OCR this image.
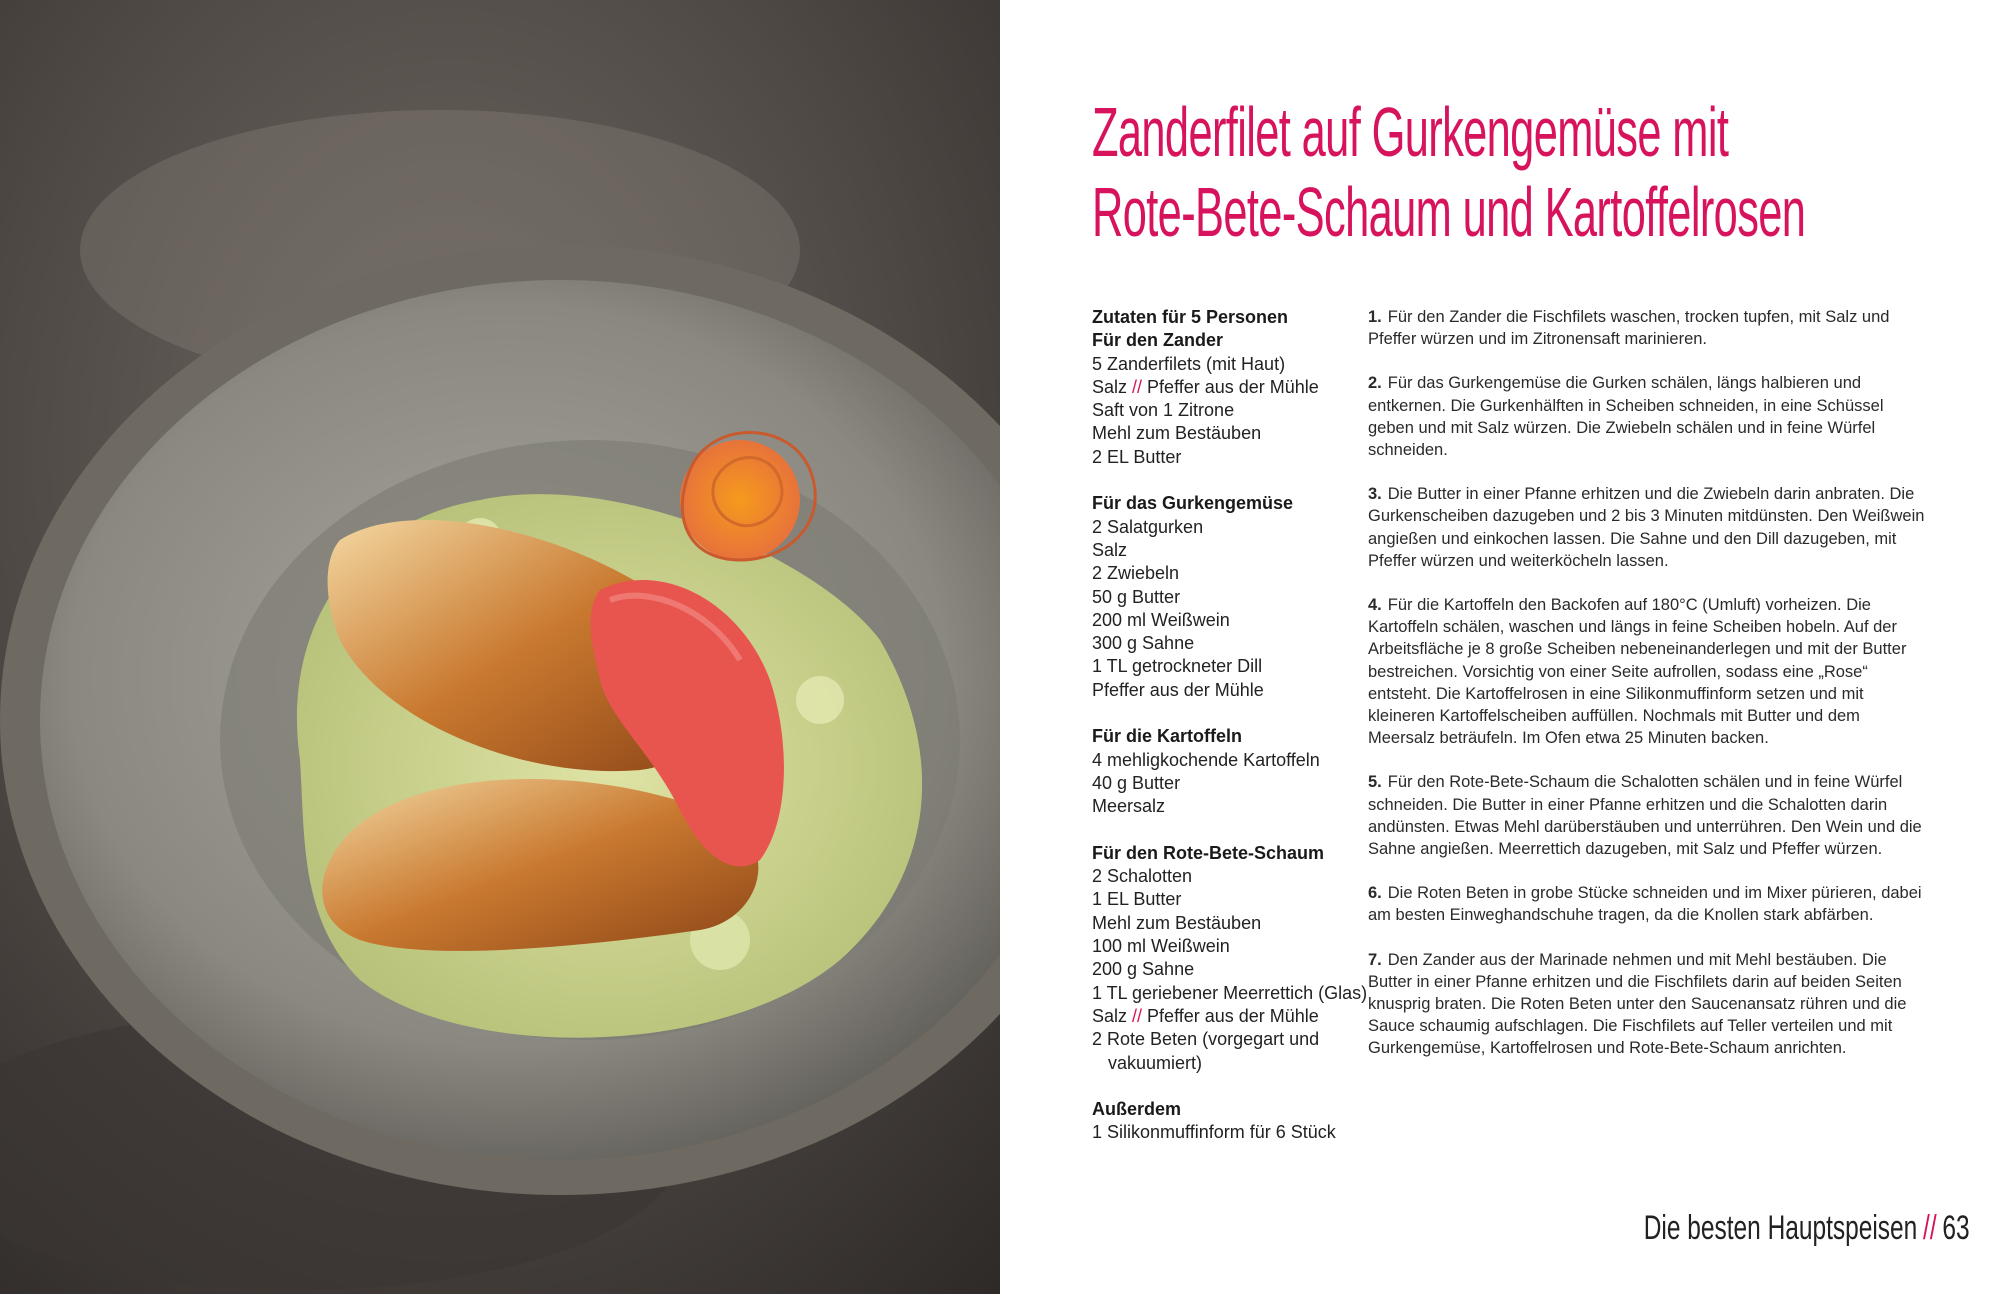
Zanderfilet auf Gurkengemüse mit
Rote-Bete-Schaum und Kartoffelrosen
Zutaten für 5 Personen
Für den Zander
5 Zanderfilets (mit Haut)
Salz // Pfeffer aus der Mühle
Saft von 1 Zitrone
Mehl zum Bestäuben
2 EL Butter
Für das Gurkengemüse
2 Salatgurken
Salz
2 Zwiebeln
50 g Butter
200 ml Weißwein
300 g Sahne
1 TL getrockneter Dill
Pfeffer aus der Mühle
Für die Kartoffeln
4 mehligkochende Kartoffeln
40 g Butter
Meersalz
Für den Rote-Bete-Schaum
2 Schalotten
1 EL Butter
Mehl zum Bestäuben
100 ml Weißwein
200 g Sahne
1 TL geriebener Meerrettich (Glas)
Salz // Pfeffer aus der Mühle
2 Rote Beten (vorgegart und
vakuumiert)
Außerdem
1 Silikonmuffinform für 6 Stück

1. Für den Zander die Fischfilets waschen, trocken tupfen, mit Salz und Pfeffer würzen und im Zitronensaft marinieren.

2. Für das Gurkengemüse die Gurken schälen, längs halbieren und entkernen. Die Gurkenhälften in Scheiben schneiden, in eine Schüssel geben und mit Salz würzen. Die Zwiebeln schälen und in feine Würfel schneiden.

3. Die Butter in einer Pfanne erhitzen und die Zwiebeln darin anbraten. Die Gurkenscheiben dazugeben und 2 bis 3 Minuten mitdünsten. Den Weißwein angießen und einkochen lassen. Die Sahne und den Dill dazugeben, mit Pfeffer würzen und weiterköcheln lassen.

4. Für die Kartoffeln den Backofen auf 180°C (Umluft) vorheizen. Die Kartoffeln schälen, waschen und längs in feine Scheiben hobeln. Auf der Arbeitsfläche je 8 große Scheiben nebeneinanderlegen und mit der Butter bestreichen. Vorsichtig von einer Seite aufrollen, sodass eine „Rose“ entsteht. Die Kartoffelrosen in eine Silikonmuffinform setzen und mit kleineren Kartoffelscheiben auffüllen. Nochmals mit Butter und dem Meersalz beträufeln. Im Ofen etwa 25 Minuten backen.

5. Für den Rote-Bete-Schaum die Schalotten schälen und in feine Würfel schneiden. Die Butter in einer Pfanne erhitzen und die Schalotten darin andünsten. Etwas Mehl darüberstäuben und unterrühren. Den Wein und die Sahne angießen. Meerrettich dazugeben, mit Salz und Pfeffer würzen.

6. Die Roten Beten in grobe Stücke schneiden und im Mixer pürieren, dabei am besten Einweghandschuhe tragen, da die Knollen stark abfärben.

7. Den Zander aus der Marinade nehmen und mit Mehl bestäuben. Die Butter in einer Pfanne erhitzen und die Fischfilets darin auf beiden Seiten knusprig braten. Die Roten Beten unter den Saucenansatz rühren und die Sauce schaumig aufschlagen. Die Fischfilets auf Teller verteilen und mit Gurkengemüse, Kartoffelrosen und Rote-Bete-Schaum anrichten.

Die besten Hauptspeisen // 63
